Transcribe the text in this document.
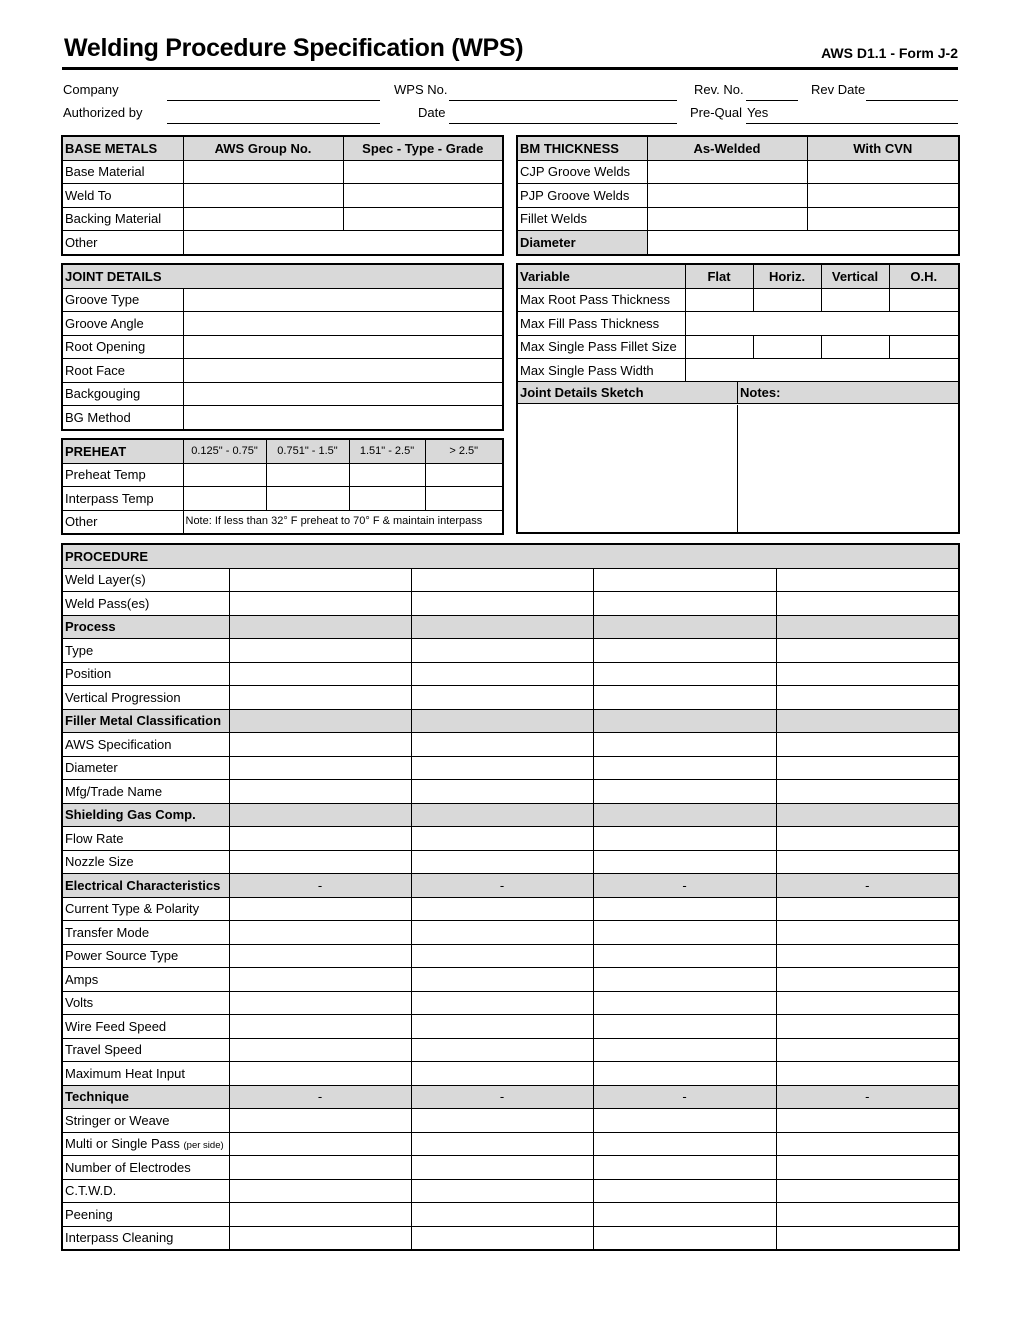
Welding Procedure Specification (WPS)	AWS D1.1 - Form J-2
Company	WPS No.	Rev. No.	Rev Date
Authorized by	Date	Pre-Qual Yes
BASE METALS	AWS Group No.	Spec - Type - Grade
Base Material		
Weld To		
Backing Material		
Other		
BM THICKNESS	As-Welded	With CVN
CJP Groove Welds		
PJP Groove Welds		
Fillet Welds		
Diameter		
JOINT DETAILS	
Groove Type	
Groove Angle	
Root Opening	
Root Face	
Backgouging	
BG Method	
Variable	Flat	Horiz.	Vertical	O.H.
Max Root Pass Thickness				
Max Fill Pass Thickness				
Max Single Pass Fillet Size				
Max Single Pass Width				
Joint Details Sketch	Notes:
PREHEAT	0.125" - 0.75"	0.751" - 1.5"	1.51" - 2.5"	> 2.5"
Preheat Temp				
Interpass Temp				
Other	Note: If less than 32° F preheat to 70° F & maintain interpass			
PROCEDURE				
Weld Layer(s)				
Weld Pass(es)				
Process				
Type				
Position				
Vertical Progression				
Filler Metal Classification				
AWS Specification				
Diameter				
Mfg/Trade Name				
Shielding Gas Comp.				
Flow Rate				
Nozzle Size				
Electrical Characteristics	-	-	-	-
Current Type & Polarity				
Transfer Mode				
Power Source Type				
Amps				
Volts				
Wire Feed Speed				
Travel Speed				
Maximum Heat Input				
Technique	-	-	-	-
Stringer or Weave				
Multi or Single Pass (per side)				
Number of Electrodes				
C.T.W.D.				
Peening				
Interpass Cleaning				
